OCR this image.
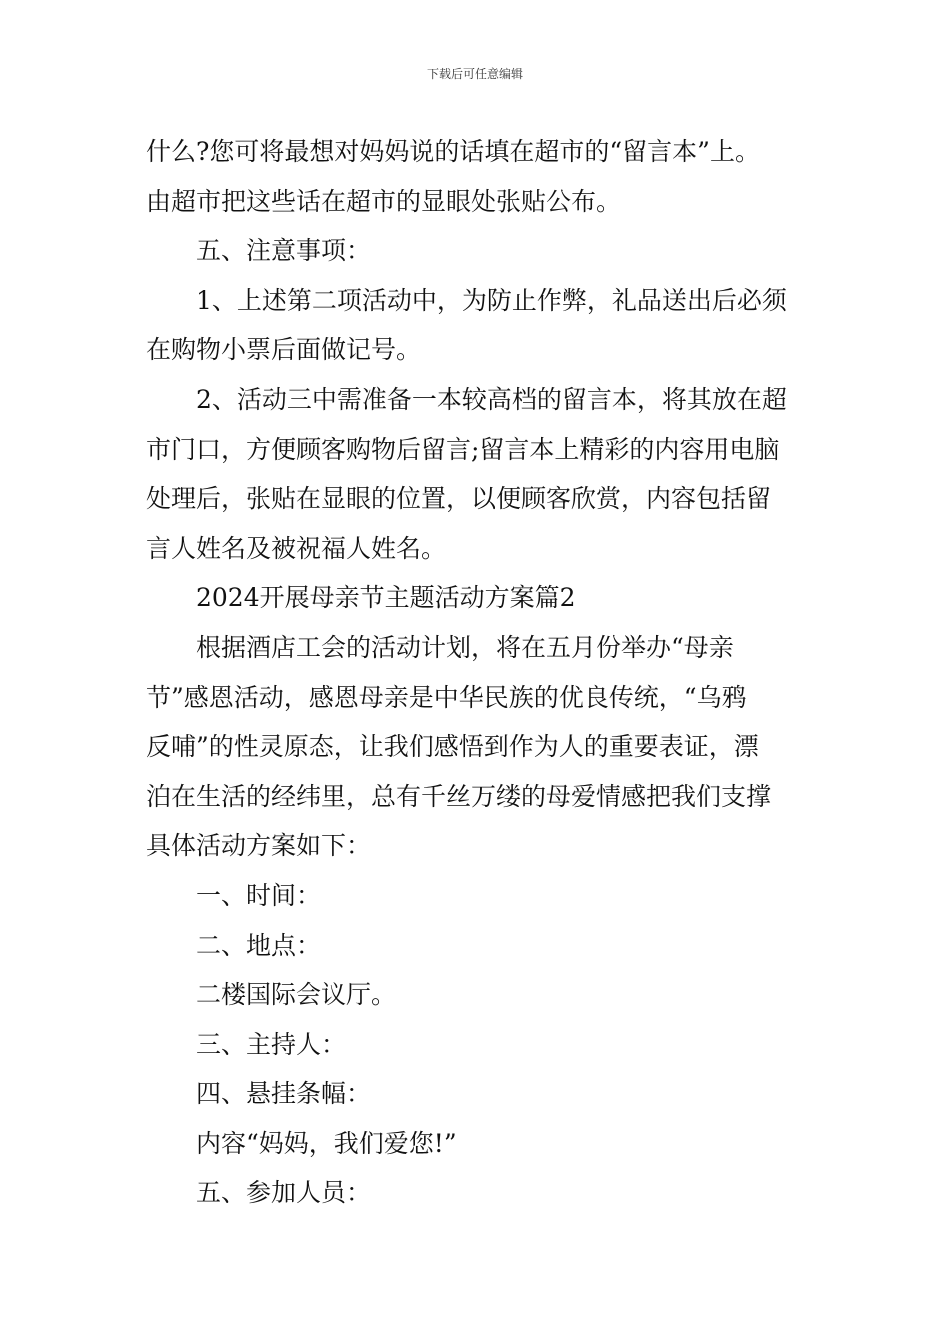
下载后可任意编辑
什么?您可将最想对妈妈说的话填在超市的“留言本”上。
由超市把这些话在超市的显眼处张贴公布。
五、注意事项：
1、上述第二项活动中，为防止作弊，礼品送出后必须
在购物小票后面做记号。
2、活动三中需准备一本较高档的留言本，将其放在超
市门口，方便顾客购物后留言;留言本上精彩的内容用电脑
处理后，张贴在显眼的位置，以便顾客欣赏，内容包括留
言人姓名及被祝福人姓名。
2024开展母亲节主题活动方案篇2
根据酒店工会的活动计划，将在五月份举办“母亲
节”感恩活动，感恩母亲是中华民族的优良传统，“乌鸦
反哺”的性灵原态，让我们感悟到作为人的重要表证，漂
泊在生活的经纬里，总有千丝万缕的母爱情感把我们支撑
具体活动方案如下：
一、时间：
二、地点：
二楼国际会议厅。
三、主持人：
四、悬挂条幅：
内容“妈妈，我们爱您!”
五、参加人员：
